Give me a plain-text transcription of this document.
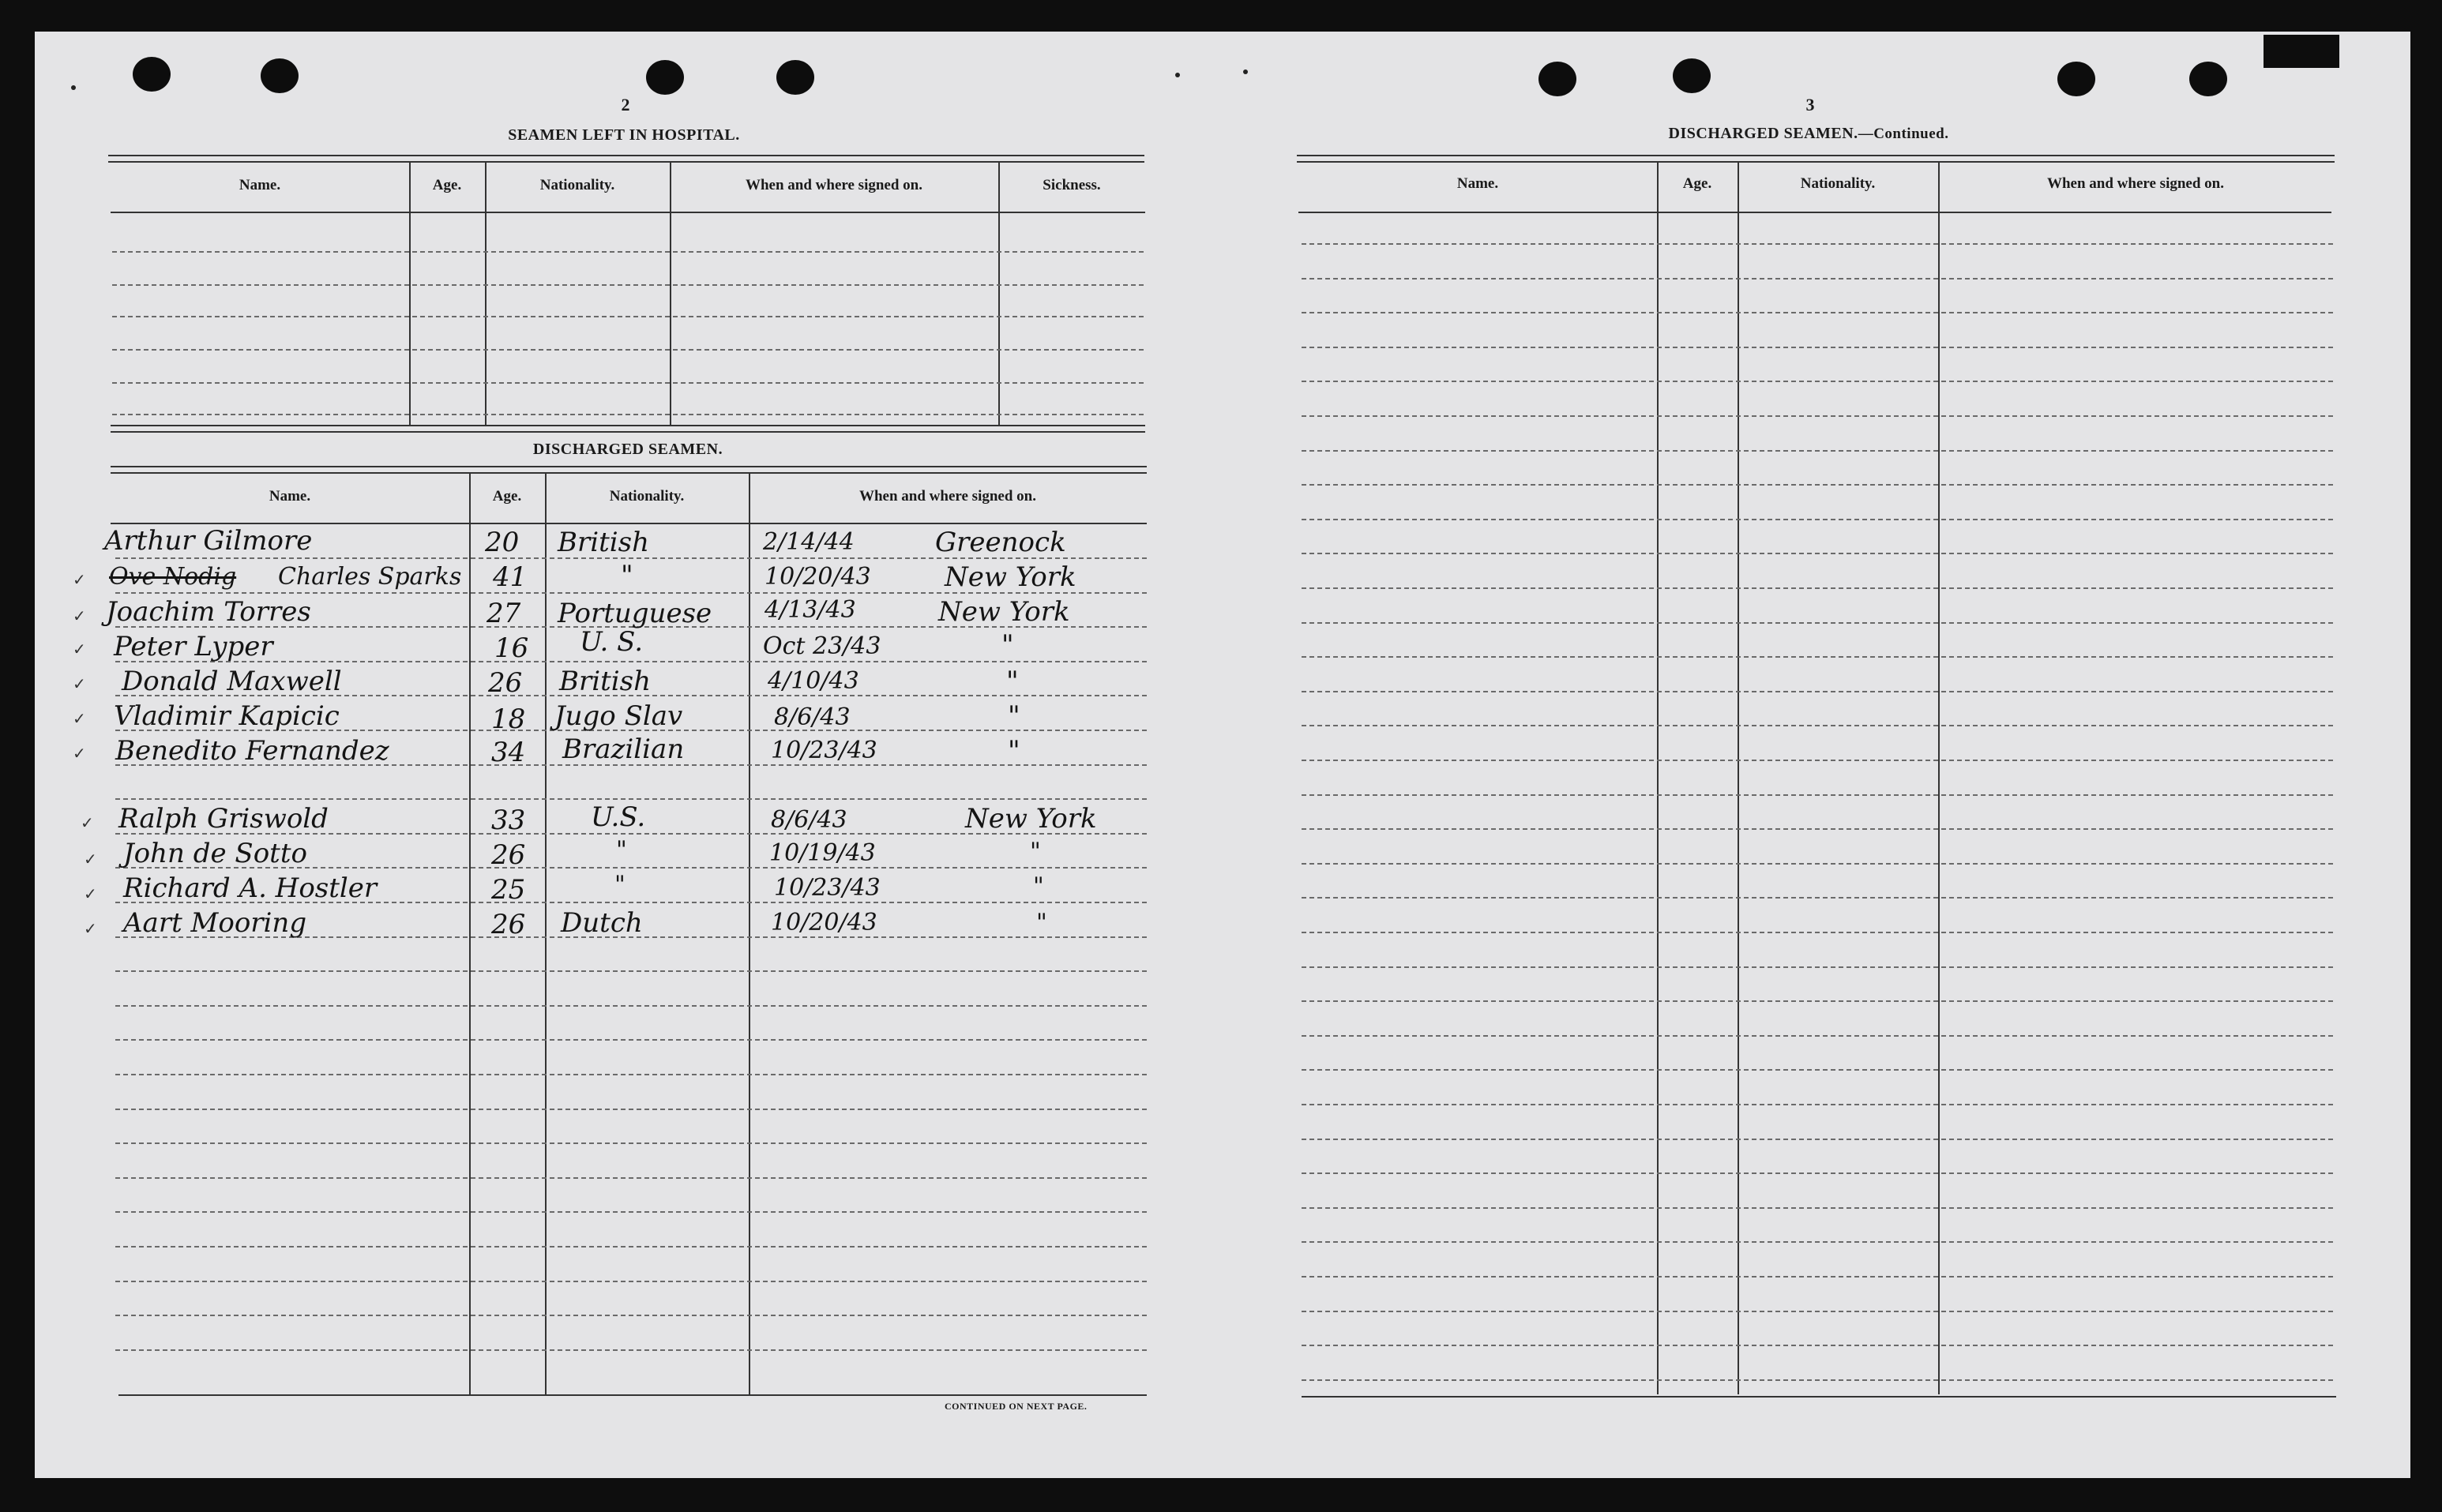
2
SEAMEN LEFT IN HOSPITAL.
Name.	Age.	Nationality.	When and where signed on.	Sickness.
DISCHARGED SEAMEN.
Name.	Age.	Nationality.	When and where signed on.
Arthur Gilmore	20 British	2/14/44	Greenock
✓ Ove Nodig Charles Sparks 41	"	10/20/43	New York
✓ Joachim Torres	27 Portuguese 4/13/43	New York
✓ Peter Lyper	16 U. S.	Oct 23/43	"
✓ Donald Maxwell	26 British	4/10/43	"
✓ Vladimir Kapicic	18 Jugo Slav	8/6/43	"
✓ Benedito Fernandez	34 Brazilian	10/23/43	"
✓ Ralph Griswold	33 U.S.	8/6/43	New York
✓ John de Sotto	26	"	10/19/43	"
✓ Richard A. Hostler	25	"	10/23/43	"
✓ Aart Mooring	26 Dutch	10/20/43	"
CONTINUED ON NEXT PAGE.
3
DISCHARGED SEAMEN.—Continued.
Name.	Age.	Nationality.	When and where signed on.
